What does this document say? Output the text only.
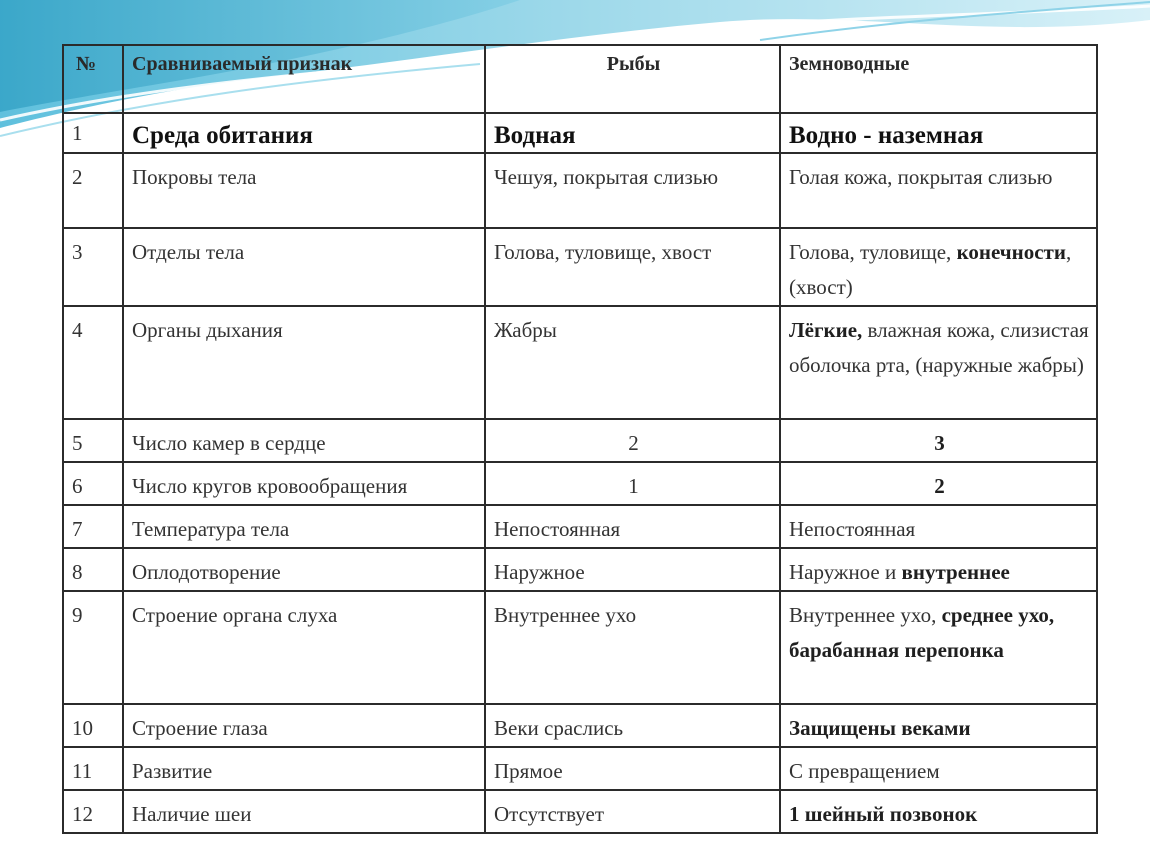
№	Сравниваемый признак	Рыбы	Земноводные
1	Среда обитания	Водная	Водно - наземная
2	Покровы тела	Чешуя, покрытая слизью	Голая кожа, покрытая слизью
3	Отделы тела	Голова, туловище, хвост	Голова, туловище, конечности, (хвост)
4	Органы дыхания	Жабры	Лёгкие, влажная кожа, слизистая оболочка рта, (наружные жабры)
5	Число камер в сердце	2	3
6	Число кругов кровообращения	1	2
7	Температура тела	Непостоянная	Непостоянная
8	Оплодотворение	Наружное	Наружное и внутреннее
9	Строение органа слуха	Внутреннее ухо	Внутреннее ухо, среднее ухо, барабанная перепонка
10	Строение глаза	Веки сраслись	Защищены веками
11	Развитие	Прямое	С превращением
12	Наличие шеи	Отсутствует	1 шейный позвонок
